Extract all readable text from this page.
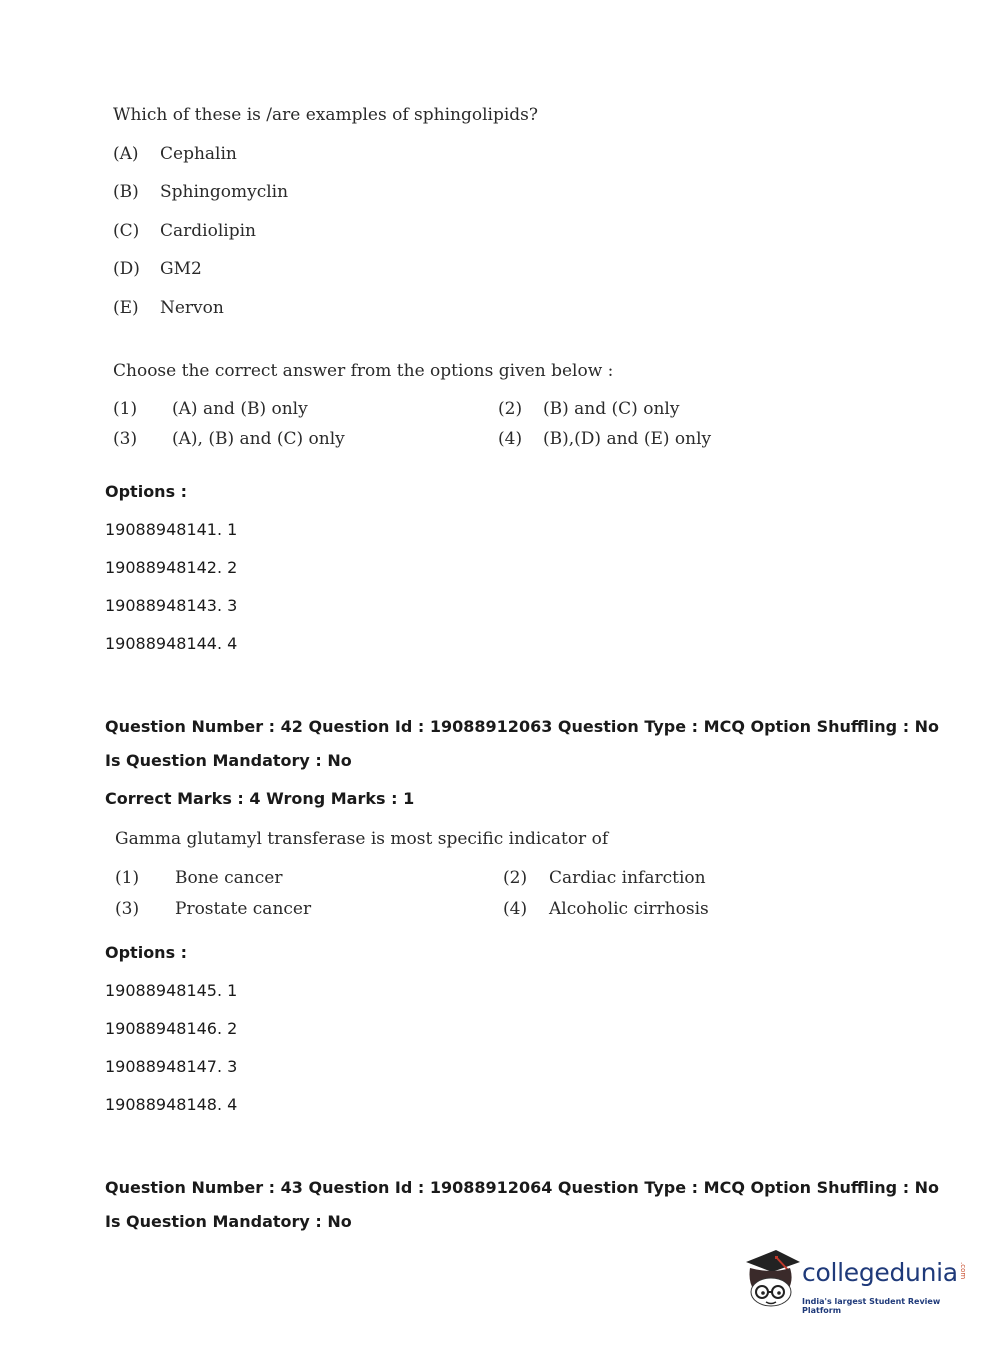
Which of these is /are examples of sphingolipids?
(A) Cephalin
(B) Sphingomyclin
(C) Cardiolipin
(D) GM2
(E) Nervon
Choose the correct answer from the options given below :
(1) (A) and (B) only	(2) (B) and (C) only
(3) (A), (B) and (C) only	(4) (B),(D) and (E) only
Options :
19088948141. 1
19088948142. 2
19088948143. 3
19088948144. 4
Question Number : 42 Question Id : 19088912063 Question Type : MCQ Option Shuffling : No
Is Question Mandatory : No
Correct Marks : 4 Wrong Marks : 1
Gamma glutamyl transferase is most specific indicator of
(1) Bone cancer	(2) Cardiac infarction
(3) Prostate cancer	(4) Alcoholic cirrhosis
Options :
19088948145. 1
19088948146. 2
19088948147. 3
19088948148. 4
Question Number : 43 Question Id : 19088912064 Question Type : MCQ Option Shuffling : No
Is Question Mandatory : No
collegedunia .com
India's largest Student Review Platform
